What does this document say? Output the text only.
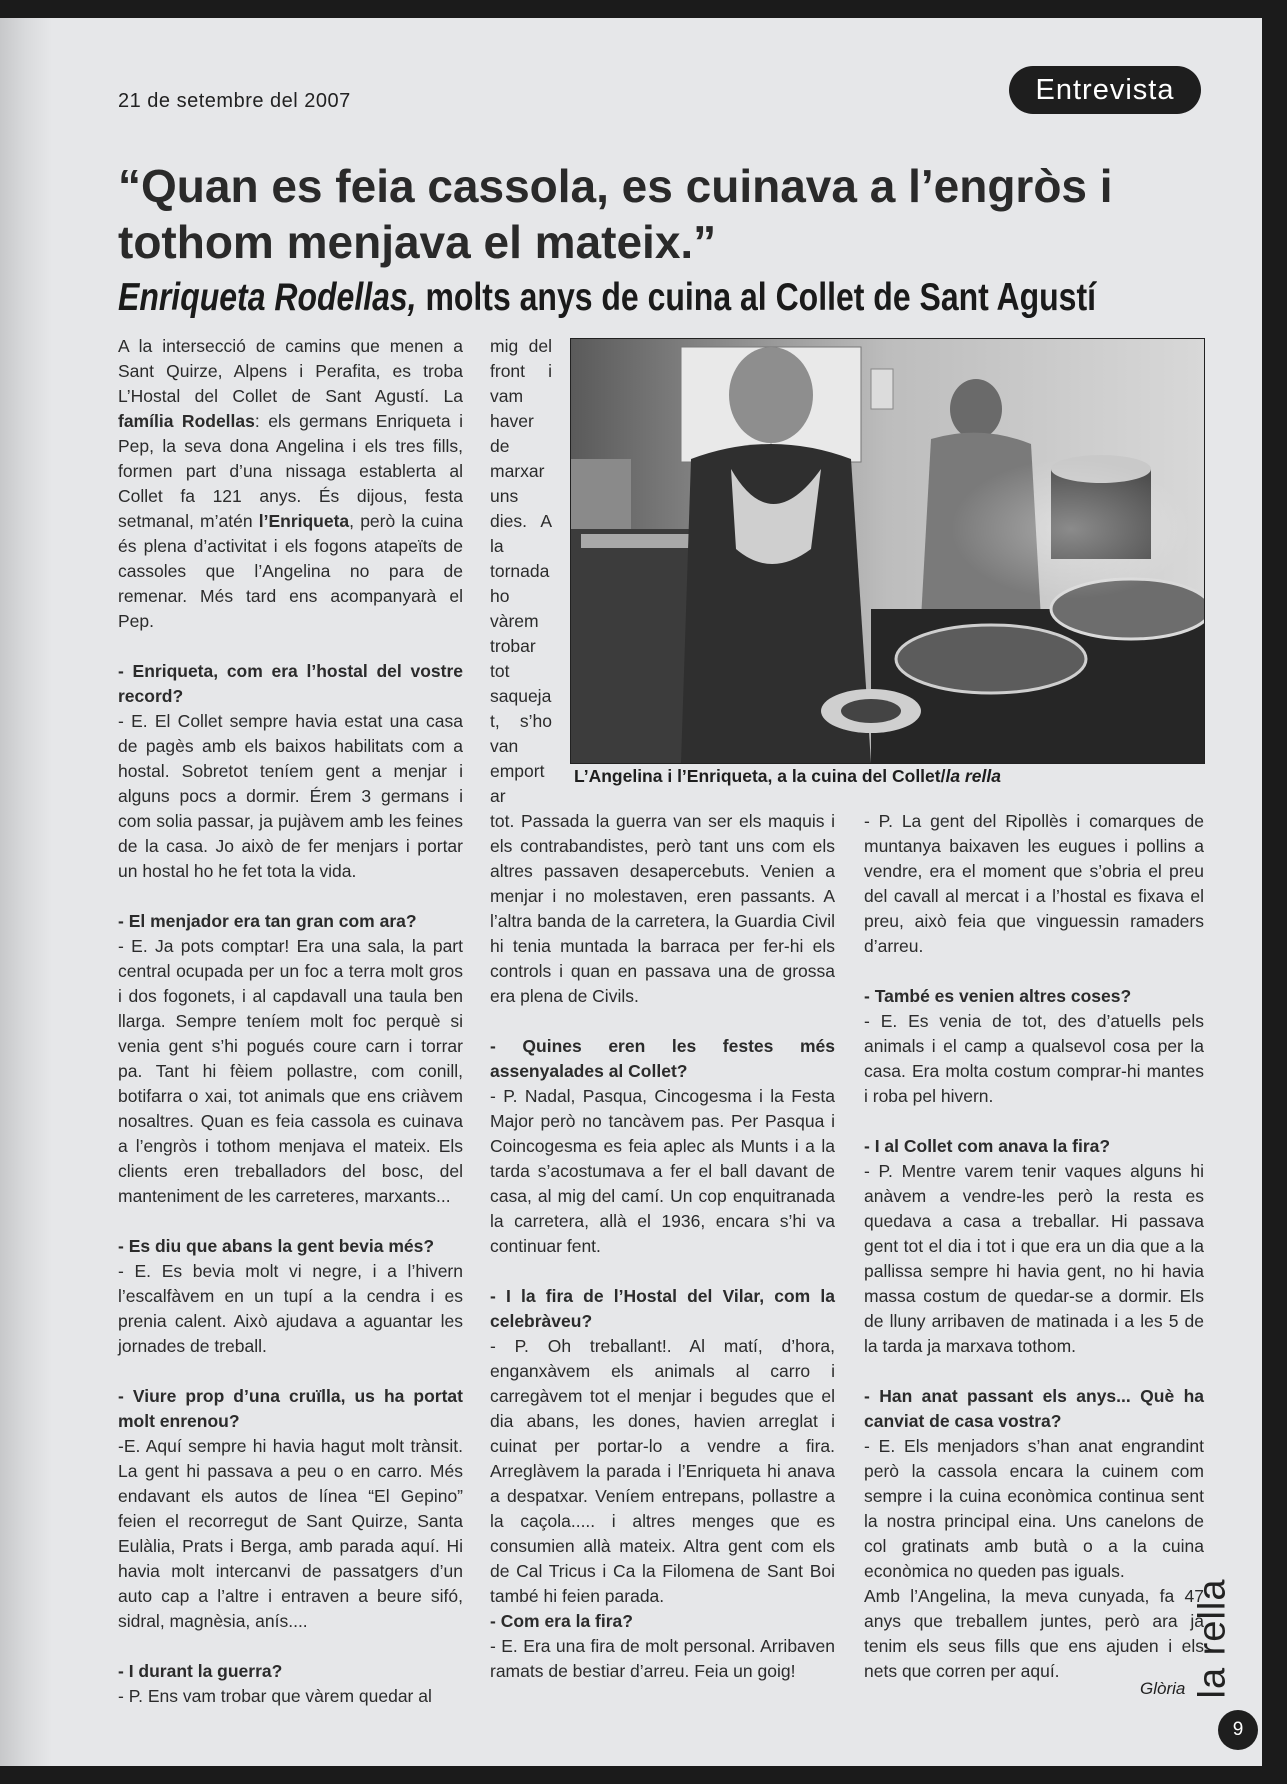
21 de setembre del 2007	Entrevista
“Quan es feia cassola, es cuinava a l’engròs i
tothom menjava el mateix.”
Enriqueta Rodellas, molts anys de cuina al Collet de Sant Agustí

A la intersecció de camins que menen a Sant Quirze, Alpens i Perafita, es troba L’Hostal del Collet de Sant Agustí. La família Rodellas: els germans Enriqueta i Pep, la seva dona Angelina i els tres fills, formen part d’una nissaga establerta al Collet fa 121 anys. És dijous, festa setmanal, m’atén l’Enriqueta, però la cuina és plena d’activitat i els fogons atapeïts de cassoles que l’Angelina no para de remenar. Més tard ens acompanyarà el Pep.

- Enriqueta, com era l’hostal del vostre record?

- E. El Collet sempre havia estat una casa de pagès amb els baixos habilitats com a hostal. Sobretot teníem gent a menjar i alguns pocs a dormir. Érem 3 germans i com solia passar, ja pujàvem amb les feines de la casa. Jo això de fer menjars i portar un hostal ho he fet tota la vida.

- El menjador era tan gran com ara?

- E. Ja pots comptar! Era una sala, la part central ocupada per un foc a terra molt gros i dos fogonets, i al capdavall una taula ben llarga. Sempre teníem molt foc perquè si venia gent s’hi pogués coure carn i torrar pa. Tant hi fèiem pollastre, com conill, botifarra o xai, tot animals que ens criàvem nosaltres. Quan es feia cassola es cuinava a l’engròs i tothom menjava el mateix. Els clients eren treballadors del bosc, del manteniment de les carreteres, marxants...

- Es diu que abans la gent bevia més?

- E. Es bevia molt vi negre, i a l’hivern l’escalfàvem en un tupí a la cendra i es prenia calent. Això ajudava a aguantar les jornades de treball.

- Viure prop d’una cruïlla, us ha portat molt enrenou?

-E. Aquí sempre hi havia hagut molt trànsit. La gent hi passava a peu o en carro. Més endavant els autos de línea “El Gepino” feien el recorregut de Sant Quirze, Santa Eulàlia, Prats i Berga, amb parada aquí. Hi havia molt intercanvi de passatgers d’un auto cap a l’altre i entraven a beure sifó, sidral, magnèsia, anís....

- I durant la guerra?

- P. Ens vam trobar que vàrem quedar al

mig del front i vam haver de marxar uns dies. A la tornada ho vàrem trobar tot saquejat, s’ho van emportar

L’Angelina i l’Enriqueta, a la cuina del Collet/la rella

tot. Passada la guerra van ser els maquis i els contrabandistes, però tant uns com els altres passaven desapercebuts. Venien a menjar i no molestaven, eren passants. A l’altra banda de la carretera, la Guardia Civil hi tenia muntada la barraca per fer-hi els controls i quan en passava una de grossa era plena de Civils.

- Quines eren les festes més assenyalades al Collet?

- P. Nadal, Pasqua, Cincogesma i la Festa Major però no tancàvem pas. Per Pasqua i Coincogesma es feia aplec als Munts i a la tarda s’acostumava a fer el ball davant de casa, al mig del camí. Un cop enquitranada la carretera, allà el 1936, encara s’hi va continuar fent.

- I la fira de l’Hostal del Vilar, com la celebràveu?

- P. Oh treballant!. Al matí, d’hora, enganxàvem els animals al carro i carregàvem tot el menjar i begudes que el dia abans, les dones, havien arreglat i cuinat per portar-lo a vendre a fira. Arreglàvem la parada i l’Enriqueta hi anava a despatxar. Veníem entrepans, pollastre a la caçola..... i altres menges que es consumien allà mateix. Altra gent com els de Cal Tricus i Ca la Filomena de Sant Boi també hi feien parada.

- Com era la fira?

- E. Era una fira de molt personal. Arribaven ramats de bestiar d’arreu. Feia un goig!

- P. La gent del Ripollès i comarques de muntanya baixaven les eugues i pollins a vendre, era el moment que s’obria el preu del cavall al mercat i a l’hostal es fixava el preu, això feia que vinguessin ramaders d’arreu.

- També es venien altres coses?

- E. Es venia de tot, des d’atuells pels animals i el camp a qualsevol cosa per la casa. Era molta costum comprar-hi mantes i roba pel hivern.

- I al Collet com anava la fira?

- P. Mentre varem tenir vaques alguns hi anàvem a vendre-les però la resta es quedava a casa a treballar. Hi passava gent tot el dia i tot i que era un dia que a la pallissa sempre hi havia gent, no hi havia massa costum de quedar-se a dormir. Els de lluny arribaven de matinada i a les 5 de la tarda ja marxava tothom.

- Han anat passant els anys... Què ha canviat de casa vostra?

- E. Els menjadors s’han anat engrandint però la cassola encara la cuinem com sempre i la cuina econòmica continua sent la nostra principal eina. Uns canelons de col gratinats amb butà o a la cuina econòmica no queden pas iguals.

Amb l’Angelina, la meva cunyada, fa 47 anys que treballem juntes, però ara ja tenim els seus fills que ens ajuden i els nets que corren per aquí.

Glòria la rella
9
